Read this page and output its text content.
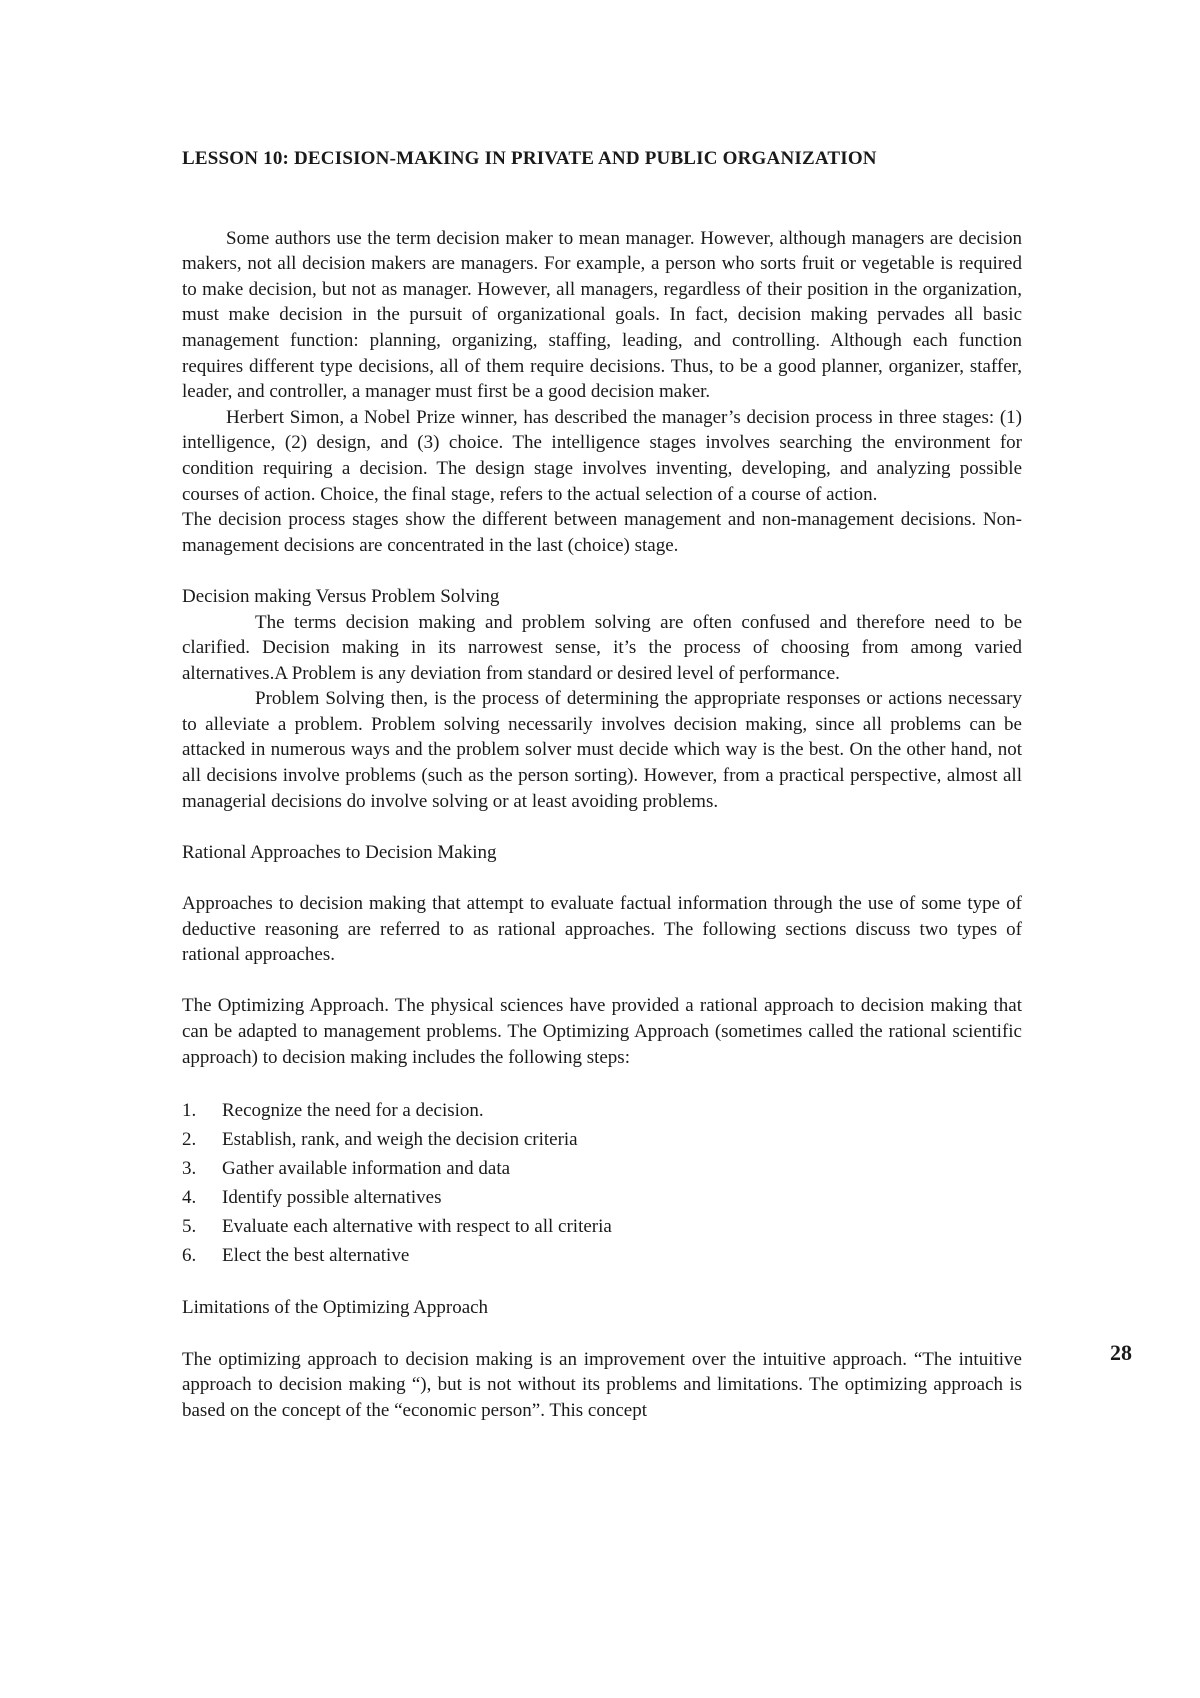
LESSON 10: DECISION-MAKING IN PRIVATE AND PUBLIC ORGANIZATION

Some authors use the term decision maker to mean manager. However, although managers are decision makers, not all decision makers are managers. For example, a person who sorts fruit or vegetable is required to make decision, but not as manager. However, all managers, regardless of their position in the organization, must make decision in the pursuit of organizational goals. In fact, decision making pervades all basic management function: planning, organizing, staffing, leading, and controlling. Although each function requires different type decisions, all of them require decisions. Thus, to be a good planner, organizer, staffer, leader, and controller, a manager must first be a good decision maker.

Herbert Simon, a Nobel Prize winner, has described the manager’s decision process in three stages: (1) intelligence, (2) design, and (3) choice. The intelligence stages involves searching the environment for condition requiring a decision. The design stage involves inventing, developing, and analyzing possible courses of action. Choice, the final stage, refers to the actual selection of a course of action.

The decision process stages show the different between management and non-management decisions. Non-management decisions are concentrated in the last (choice) stage.

Decision making Versus Problem Solving

The terms decision making and problem solving are often confused and therefore need to be clarified. Decision making in its narrowest sense, it’s the process of choosing from among varied alternatives.A Problem is any deviation from standard or desired level of performance.

Problem Solving then, is the process of determining the appropriate responses or actions necessary to alleviate a problem. Problem solving necessarily involves decision making, since all problems can be attacked in numerous ways and the problem solver must decide which way is the best. On the other hand, not all decisions involve problems (such as the person sorting). However, from a practical perspective, almost all managerial decisions do involve solving or at least avoiding problems.

Rational Approaches to Decision Making

Approaches to decision making that attempt to evaluate factual information through the use of some type of deductive reasoning are referred to as rational approaches. The following sections discuss two types of rational approaches.

The Optimizing Approach. The physical sciences have provided a rational approach to decision making that can be adapted to management problems. The Optimizing Approach (sometimes called the rational scientific approach) to decision making includes the following steps:

1.	Recognize the need for a decision.
2.	Establish, rank, and weigh the decision criteria
3.	Gather available information and data
4.	Identify possible alternatives
5.	Evaluate each alternative with respect to all criteria
6.	Elect the best alternative
Limitations of the Optimizing Approach

The optimizing approach to decision making is an improvement over the intuitive approach. “The intuitive approach to decision making “), but is not without its problems and limitations. The optimizing approach is based on the concept of the “economic person”. This concept

28
